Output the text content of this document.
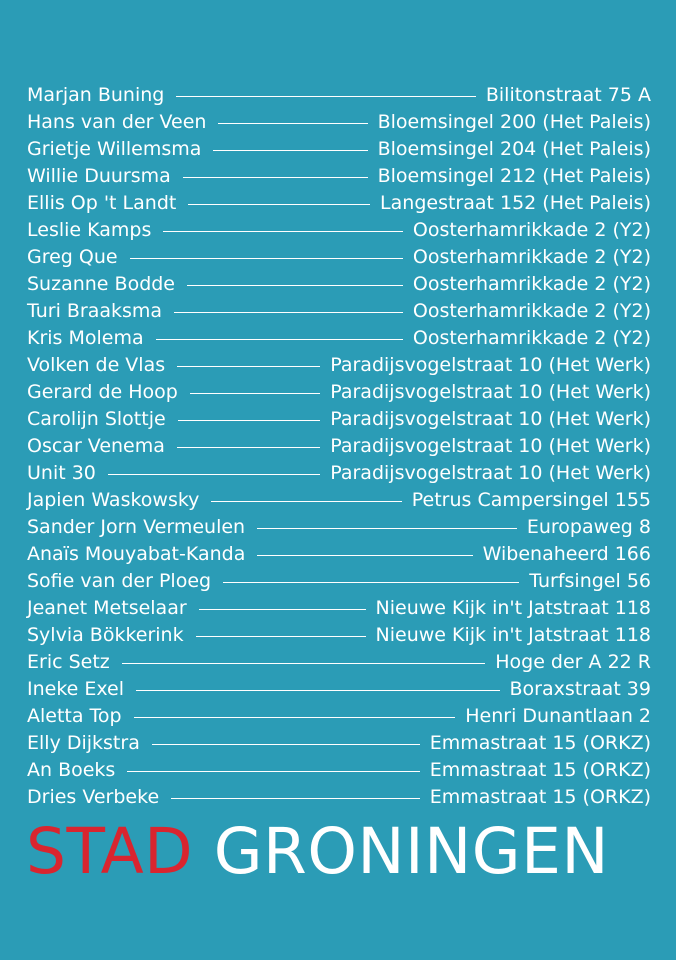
Marjan Buning	Bilitonstraat 75 A
Hans van der Veen	Bloemsingel 200 (Het Paleis)
Grietje Willemsma	Bloemsingel 204 (Het Paleis)
Willie Duursma	Bloemsingel 212 (Het Paleis)
Ellis Op 't Landt	Langestraat 152 (Het Paleis)
Leslie Kamps	Oosterhamrikkade 2 (Y2)
Greg Que	Oosterhamrikkade 2 (Y2)
Suzanne Bodde	Oosterhamrikkade 2 (Y2)
Turi Braaksma	Oosterhamrikkade 2 (Y2)
Kris Molema	Oosterhamrikkade 2 (Y2)
Volken de Vlas	Paradijsvogelstraat 10 (Het Werk)
Gerard de Hoop	Paradijsvogelstraat 10 (Het Werk)
Carolijn Slottje	Paradijsvogelstraat 10 (Het Werk)
Oscar Venema	Paradijsvogelstraat 10 (Het Werk)
Unit 30	Paradijsvogelstraat 10 (Het Werk)
Japien Waskowsky	Petrus Campersingel 155
Sander Jorn Vermeulen	Europaweg 8
Anaïs Mouyabat-Kanda	Wibenaheerd 166
Sofie van der Ploeg	Turfsingel 56
Jeanet Metselaar	Nieuwe Kijk in't Jatstraat 118
Sylvia Bökkerink	Nieuwe Kijk in't Jatstraat 118
Eric Setz	Hoge der A 22 R
Ineke Exel	Boraxstraat 39
Aletta Top	Henri Dunantlaan 2
Elly Dijkstra	Emmastraat 15 (ORKZ)
An Boeks	Emmastraat 15 (ORKZ)
Dries Verbeke	Emmastraat 15 (ORKZ)
STAD GRONINGEN
